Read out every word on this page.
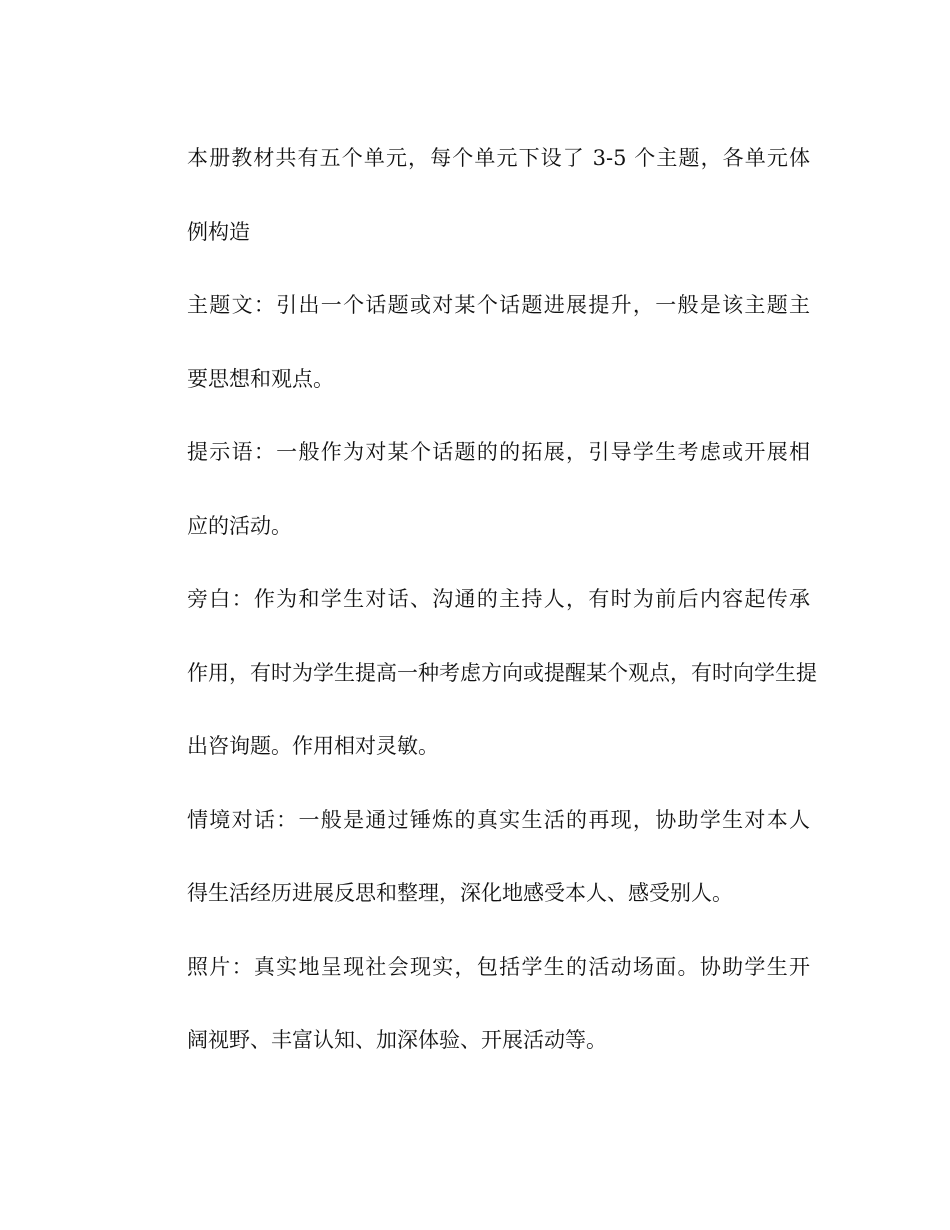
本册教材共有五个单元，每个单元下设了 3-5 个主题，各单元体
例构造
主题文：引出一个话题或对某个话题进展提升，一般是该主题主
要思想和观点。
提示语：一般作为对某个话题的的拓展，引导学生考虑或开展相
应的活动。
旁白：作为和学生对话、沟通的主持人，有时为前后内容起传承
作用，有时为学生提高一种考虑方向或提醒某个观点，有时向学生提
出咨询题。作用相对灵敏。
情境对话：一般是通过锤炼的真实生活的再现，协助学生对本人
得生活经历进展反思和整理，深化地感受本人、感受别人。
照片：真实地呈现社会现实，包括学生的活动场面。协助学生开
阔视野、丰富认知、加深体验、开展活动等。
